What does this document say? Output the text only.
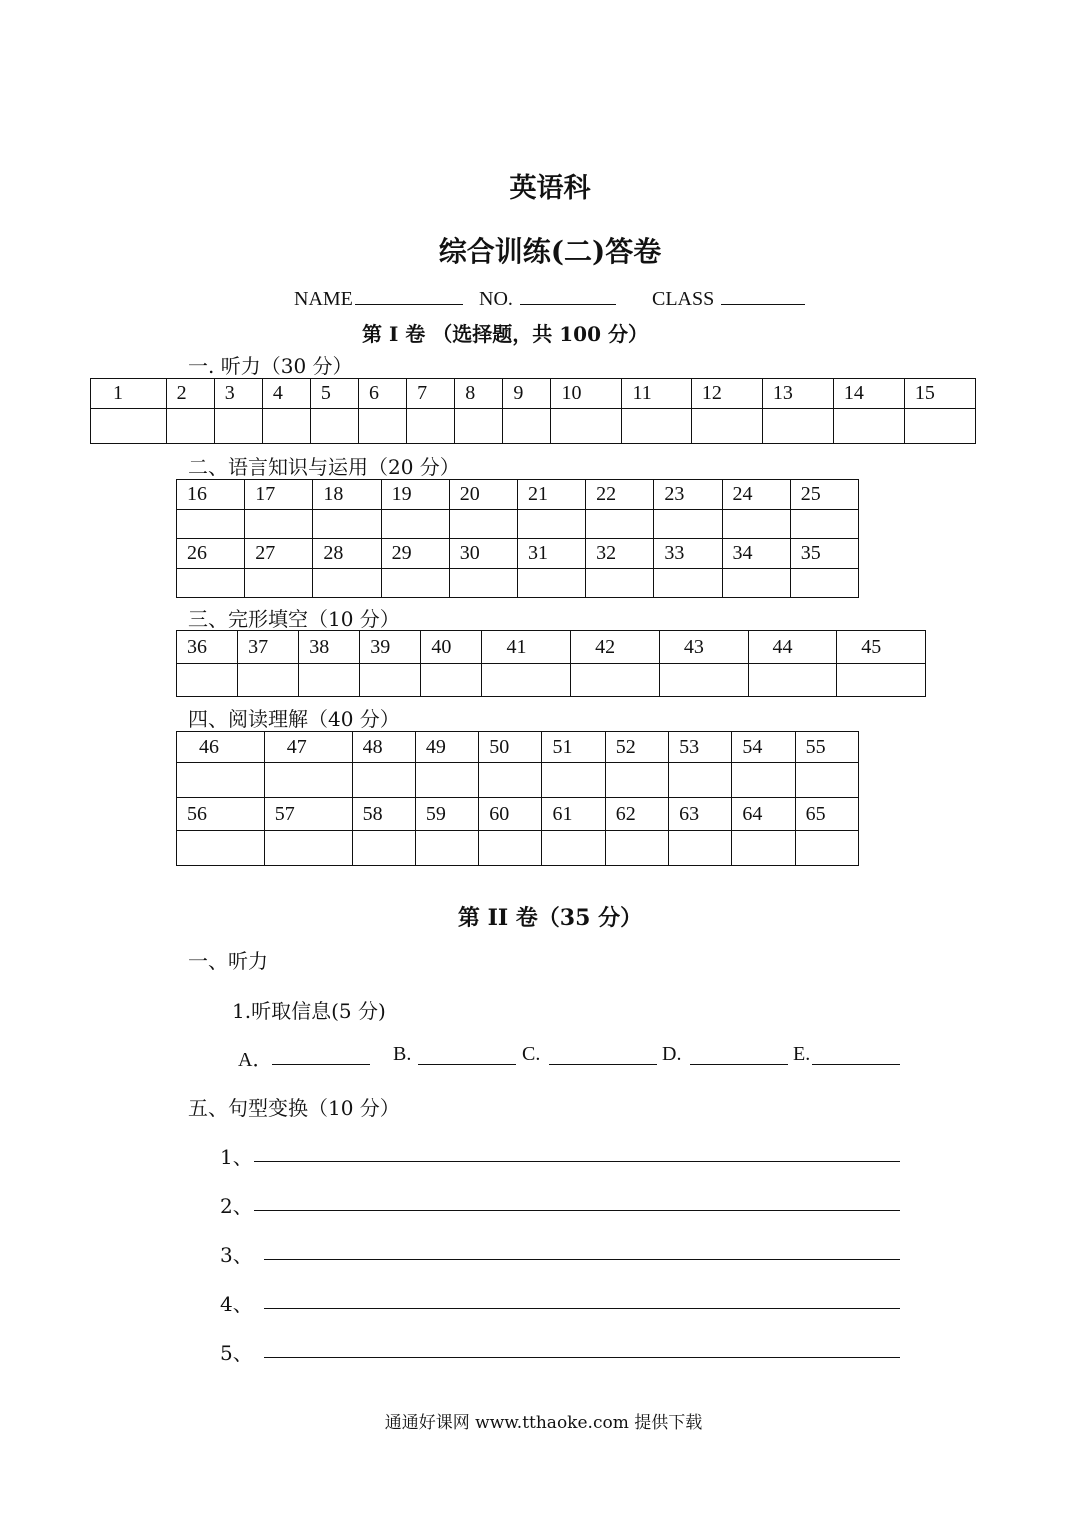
英语科
综合训练(二)答卷
NAME	NO.	CLASS
第 I 卷 （选择题，共 100 分）
一. 听力（30 分）
1	2	3	4	5	6	7	8	9	10	11	12	13	14	15

二、语言知识与运用（20 分）
16	17	18	19	20	21	22	23	24	25

26	27	28	29	30	31	32	33	34	35

三、完形填空（10 分）
36	37	38	39	40	41	42	43	44	45

四、阅读理解（40 分）
46	47	48	49	50	51	52	53	54	55

56	57	58	59	60	61	62	63	64	65

第 II 卷（35 分）
一、听力
1.听取信息(5 分)
A．	B.	C.	D.	E.
五、句型变换（10 分）
1、
2、
3、
4、
5、
通通好课网 www.tthaoke.com 提供下载
